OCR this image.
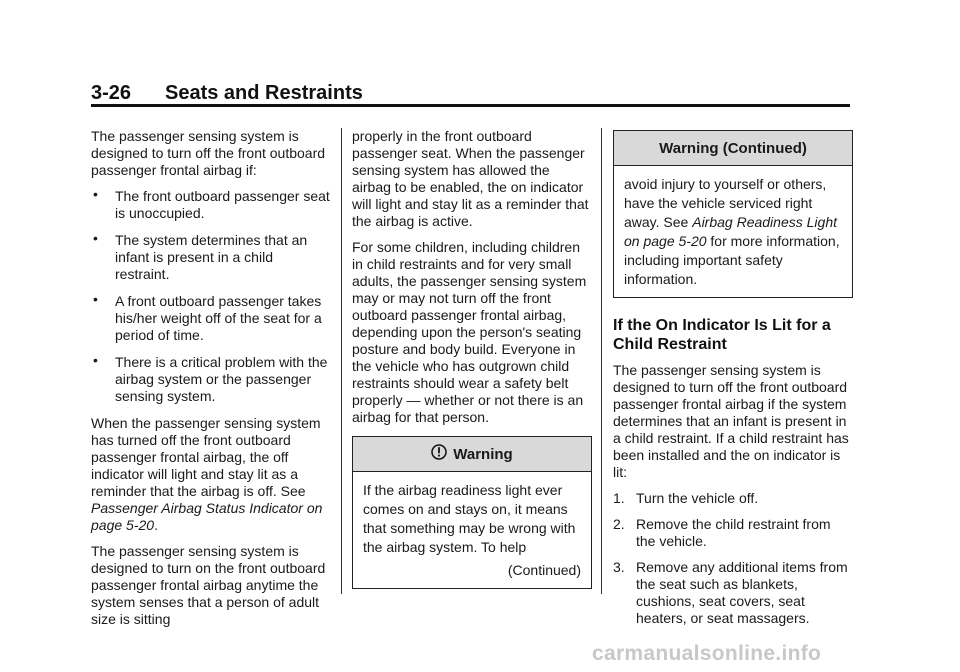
3-26 Seats and Restraints

The passenger sensing system is designed to turn off the front outboard passenger frontal airbag if:

• The front outboard passenger seat is unoccupied.
• The system determines that an infant is present in a child restraint.
• A front outboard passenger takes his/her weight off of the seat for a period of time.
• There is a critical problem with the airbag system or the passenger sensing system.

When the passenger sensing system has turned off the front outboard passenger frontal airbag, the off indicator will light and stay lit as a reminder that the airbag is off. See Passenger Airbag Status Indicator on page 5-20.

The passenger sensing system is designed to turn on the front outboard passenger frontal airbag anytime the system senses that a person of adult size is sitting

properly in the front outboard passenger seat. When the passenger sensing system has allowed the airbag to be enabled, the on indicator will light and stay lit as a reminder that the airbag is active.

For some children, including children in child restraints and for very small adults, the passenger sensing system may or may not turn off the front outboard passenger frontal airbag, depending upon the person's seating posture and body build. Everyone in the vehicle who has outgrown child restraints should wear a safety belt properly — whether or not there is an airbag for that person.

Warning
If the airbag readiness light ever comes on and stays on, it means that something may be wrong with the airbag system. To help
(Continued)
Warning (Continued)
avoid injury to yourself or others, have the vehicle serviced right away. See Airbag Readiness Light on page 5-20 for more information, including important safety information.
If the On Indicator Is Lit for a Child Restraint

The passenger sensing system is designed to turn off the front outboard passenger frontal airbag if the system determines that an infant is present in a child restraint. If a child restraint has been installed and the on indicator is lit:

1. Turn the vehicle off.
2. Remove the child restraint from the vehicle.
3. Remove any additional items from the seat such as blankets, cushions, seat covers, seat heaters, or seat massagers.
carmanualsonline.info
